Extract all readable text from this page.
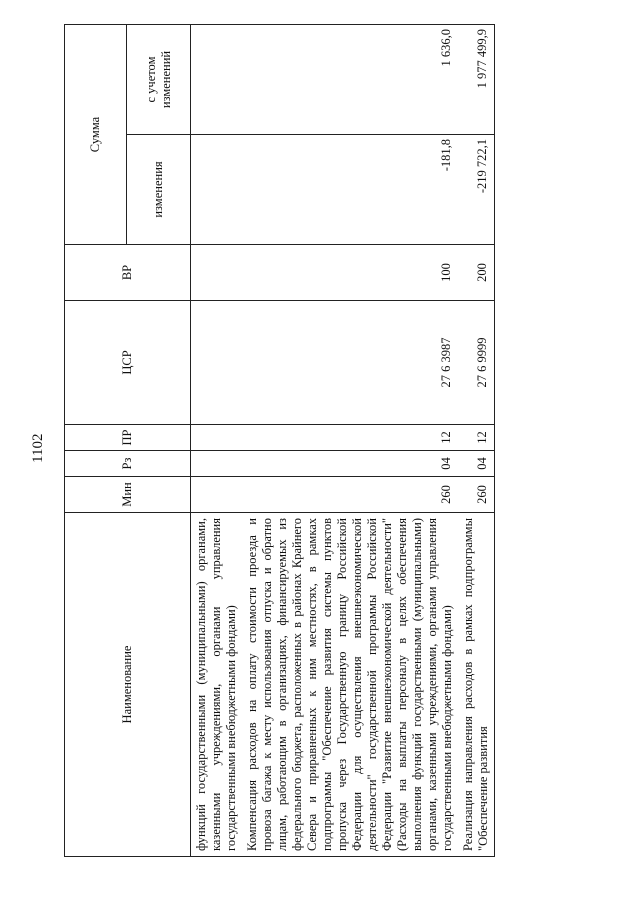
1102
Наименование	Мин	Рз	ПР	ЦСР	ВР	Сумма	
						изменения	с учетом изменений
функций государственными (муниципальными) органами, казенными учреждениями, органами управления государственными внебюджетными фондами)							
Компенсация расходов на оплату стоимости проезда и провоза багажа к месту использования отпуска и обратно лицам, работающим в организациях, финансируемых из федерального бюджета, расположенных в районах Крайнего Севера и приравненных к ним местностях, в рамках подпрограммы "Обеспечение развития системы пунктов пропуска через Государственную границу Российской Федерации для осуществления внешнеэкономической деятельности" государственной программы Российской Федерации "Развитие внешнеэкономической деятельности" (Расходы на выплаты персоналу в целях обеспечения выполнения функций государственными (муниципальными) органами, казенными учреждениями, органами управления государственными внебюджетными фондами)	260	04	12	27 6 3987	100	-181,8	1 636,0
Реализация направления расходов в рамках подпрограммы "Обеспечение развития	260	04	12	27 6 9999	200	-219 722,1	1 977 499,9
